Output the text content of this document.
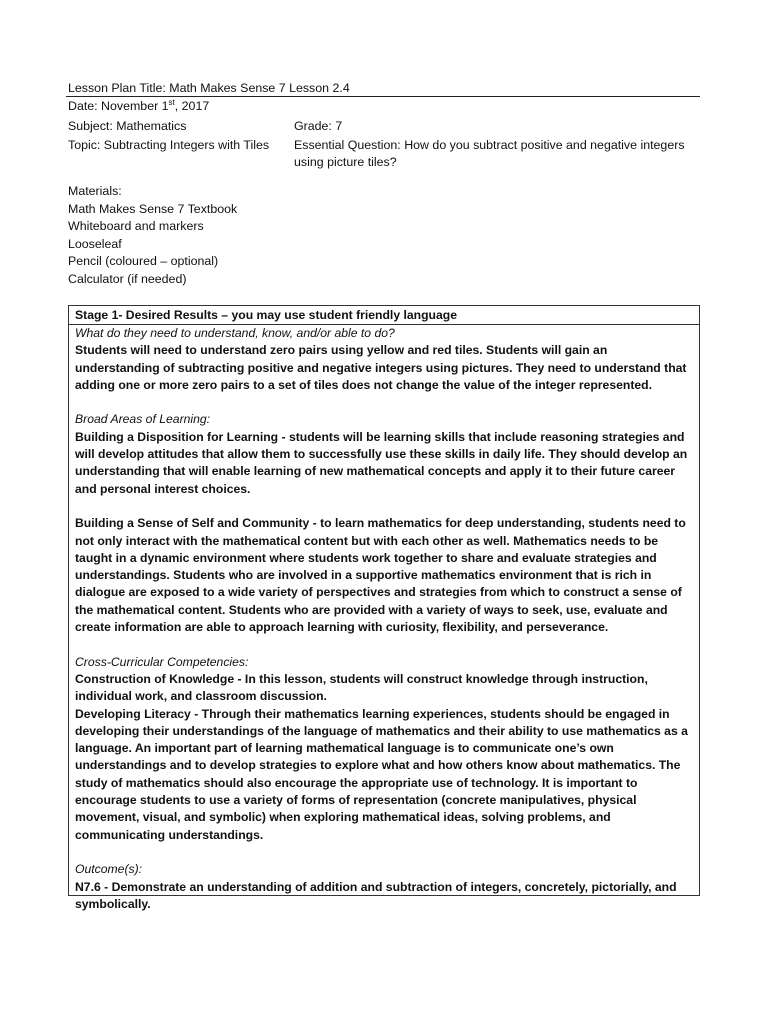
Lesson Plan Title: Math Makes Sense 7 Lesson 2.4
Date: November 1st, 2017
Subject: Mathematics	Grade: 7
Topic: Subtracting Integers with Tiles Essential Question: How do you subtract positive and negative integers using picture tiles?
Materials:
Math Makes Sense 7 Textbook
Whiteboard and markers
Looseleaf
Pencil (coloured – optional)
Calculator (if needed)
Stage 1- Desired Results – you may use student friendly language

What do they need to understand, know, and/or able to do?

Students will need to understand zero pairs using yellow and red tiles. Students will gain an understanding of subtracting positive and negative integers using pictures. They need to understand that adding one or more zero pairs to a set of tiles does not change the value of the integer represented.

Broad Areas of Learning:

Building a Disposition for Learning - students will be learning skills that include reasoning strategies and will develop attitudes that allow them to successfully use these skills in daily life. They should develop an understanding that will enable learning of new mathematical concepts and apply it to their future career and personal interest choices.

Building a Sense of Self and Community - to learn mathematics for deep understanding, students need to not only interact with the mathematical content but with each other as well. Mathematics needs to be taught in a dynamic environment where students work together to share and evaluate strategies and understandings. Students who are involved in a supportive mathematics environment that is rich in dialogue are exposed to a wide variety of perspectives and strategies from which to construct a sense of the mathematical content. Students who are provided with a variety of ways to seek, use, evaluate and create information are able to approach learning with curiosity, flexibility, and perseverance.

Cross-Curricular Competencies:

Construction of Knowledge - In this lesson, students will construct knowledge through instruction, individual work, and classroom discussion.

Developing Literacy - Through their mathematics learning experiences, students should be engaged in developing their understandings of the language of mathematics and their ability to use mathematics as a language. An important part of learning mathematical language is to communicate one’s own understandings and to develop strategies to explore what and how others know about mathematics. The study of mathematics should also encourage the appropriate use of technology. It is important to encourage students to use a variety of forms of representation (concrete manipulatives, physical movement, visual, and symbolic) when exploring mathematical ideas, solving problems, and communicating understandings.

Outcome(s):

N7.6 - Demonstrate an understanding of addition and subtraction of integers, concretely, pictorially, and symbolically.
